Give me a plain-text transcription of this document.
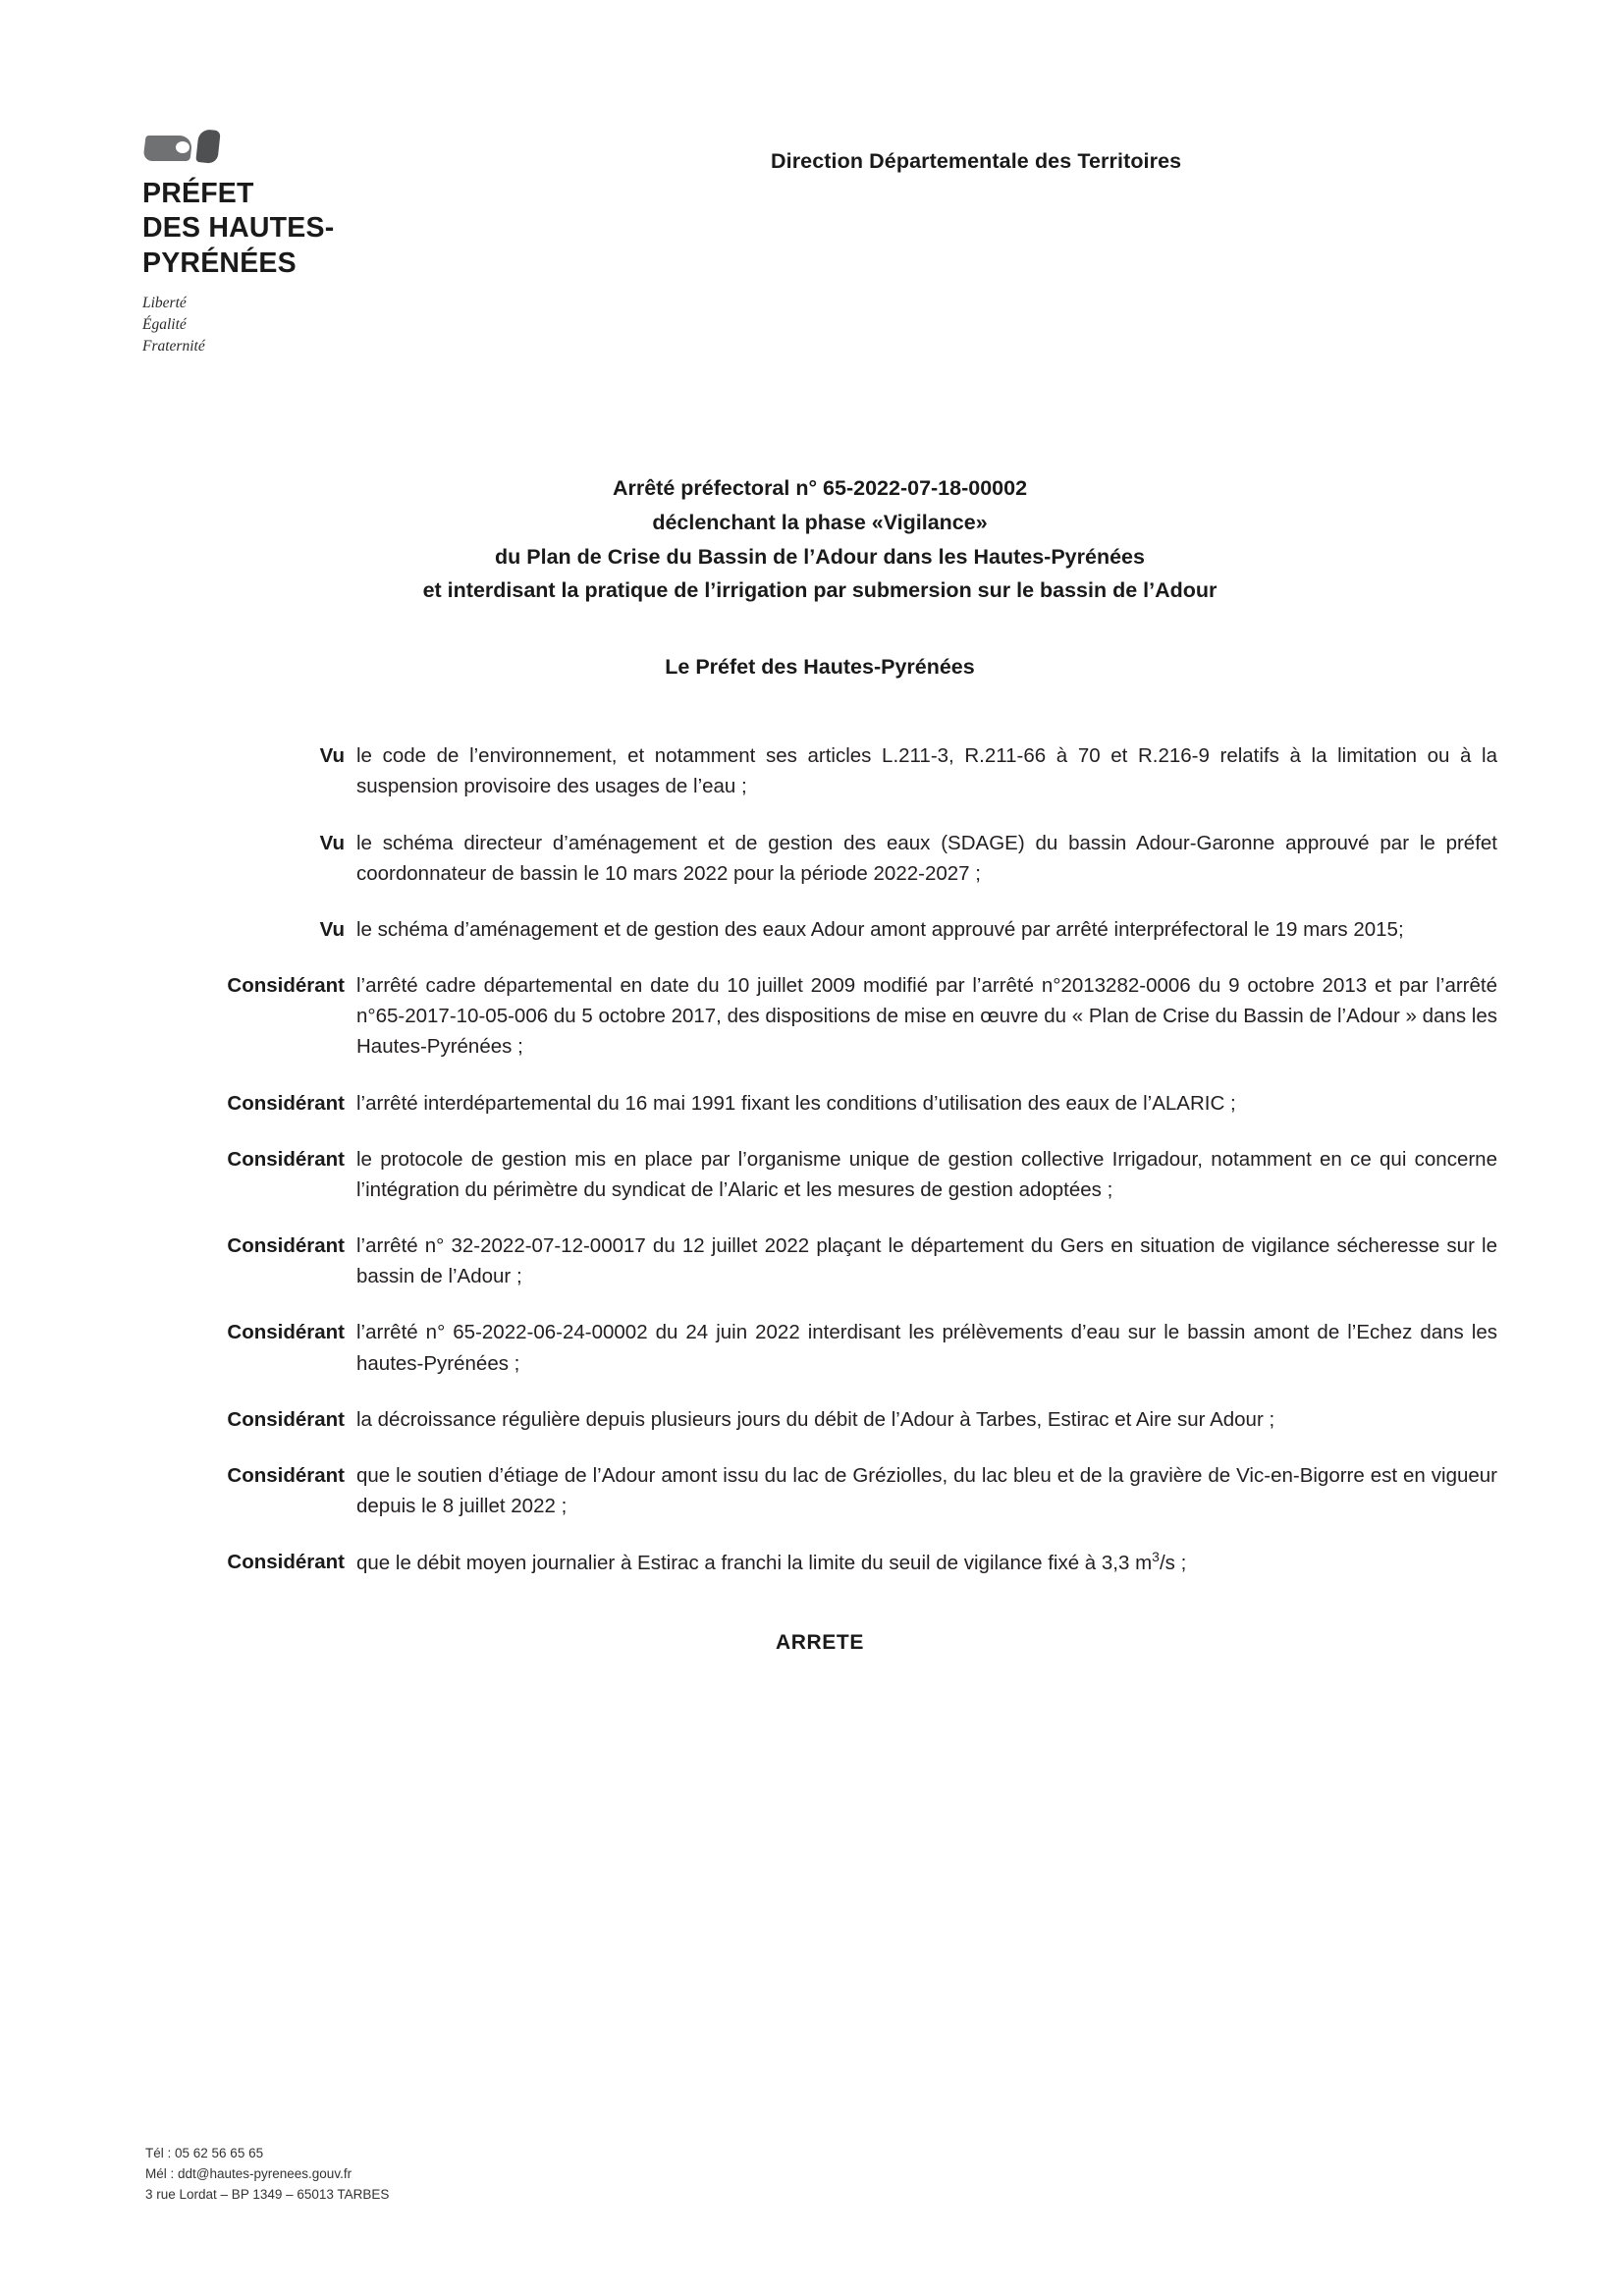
PRÉFET
DES HAUTES-
PYRÉNÉES
Liberté
Égalité
Fraternité
Direction Départementale des Territoires
Arrêté préfectoral n° 65-2022-07-18-00002
déclenchant la phase «Vigilance»
du Plan de Crise du Bassin de l’Adour dans les Hautes-Pyrénées
et interdisant la pratique de l’irrigation par submersion sur le bassin de l’Adour
Le Préfet des Hautes-Pyrénées
Vu le code de l’environnement, et notamment ses articles L.211-3, R.211-66 à 70 et R.216-9 relatifs à la limitation ou à la suspension provisoire des usages de l’eau ;
Vu le schéma directeur d’aménagement et de gestion des eaux (SDAGE) du bassin Adour-Garonne approuvé par le préfet coordonnateur de bassin le 10 mars 2022 pour la période 2022-2027 ;
Vu le schéma d’aménagement et de gestion des eaux Adour amont approuvé par arrêté interpréfectoral le 19 mars 2015;
Considérant l’arrêté cadre départemental en date du 10 juillet 2009 modifié par l’arrêté n°2013282-0006 du 9 octobre 2013 et par l’arrêté n°65-2017-10-05-006 du 5 octobre 2017, des dispositions de mise en œuvre du « Plan de Crise du Bassin de l’Adour » dans les Hautes-Pyrénées ;
Considérant l’arrêté interdépartemental du 16 mai 1991 fixant les conditions d’utilisation des eaux de l’ALARIC ;
Considérant le protocole de gestion mis en place par l’organisme unique de gestion collective Irrigadour, notamment en ce qui concerne l’intégration du périmètre du syndicat de l’Alaric et les mesures de gestion adoptées ;
Considérant l’arrêté n° 32-2022-07-12-00017 du 12 juillet 2022 plaçant le département du Gers en situation de vigilance sécheresse sur le bassin de l’Adour ;
Considérant l’arrêté n° 65-2022-06-24-00002 du 24 juin 2022 interdisant les prélèvements d’eau sur le bassin amont de l’Echez dans les hautes-Pyrénées ;
Considérant la décroissance régulière depuis plusieurs jours du débit de l’Adour à Tarbes, Estirac et Aire sur Adour ;
Considérant que le soutien d’étiage de l’Adour amont issu du lac de Gréziolles, du lac bleu et de la gravière de Vic-en-Bigorre est en vigueur depuis le 8 juillet 2022 ;
Considérant que le débit moyen journalier à Estirac a franchi la limite du seuil de vigilance fixé à 3,3 $m^3/s$ ;
ARRETE
Tél : 05 62 56 65 65
Mél : ddt@hautes-pyrenees.gouv.fr
3 rue Lordat – BP 1349 – 65013 TARBES
